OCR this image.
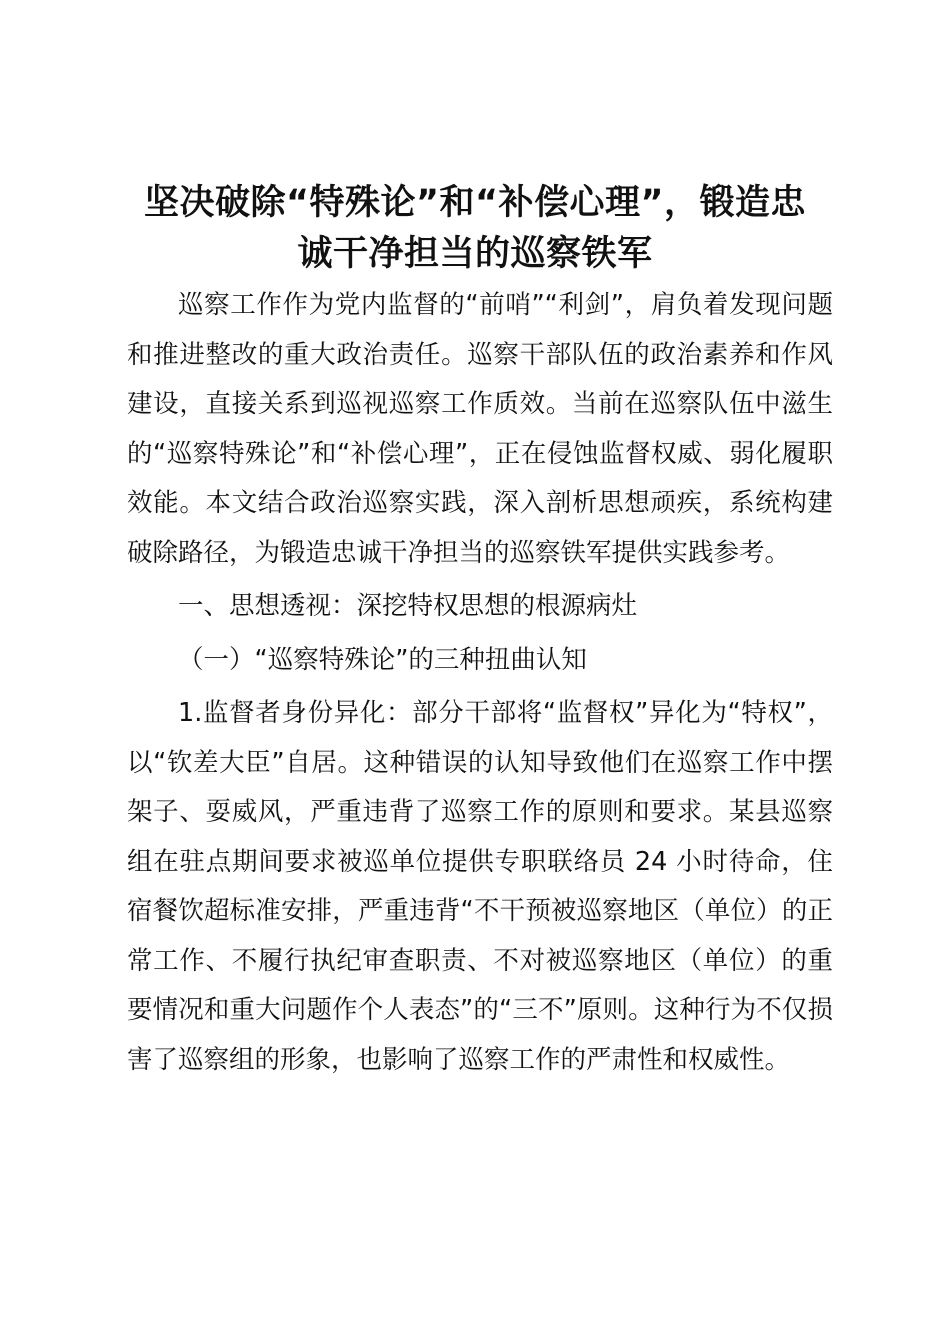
坚决破除“特殊论”和“补偿心理”，锻造忠
诚干净担当的巡察铁军

巡察工作作为党内监督的“前哨”“利剑”，肩负着发现问题和推进整改的重大政治责任。巡察干部队伍的政治素养和作风建设，直接关系到巡视巡察工作质效。当前在巡察队伍中滋生的“巡察特殊论”和“补偿心理”，正在侵蚀监督权威、弱化履职效能。本文结合政治巡察实践，深入剖析思想顽疾，系统构建破除路径，为锻造忠诚干净担当的巡察铁军提供实践参考。

一、思想透视：深挖特权思想的根源病灶

（一）“巡察特殊论”的三种扭曲认知

1.监督者身份异化：部分干部将“监督权”异化为“特权”，以“钦差大臣”自居。这种错误的认知导致他们在巡察工作中摆架子、耍威风，严重违背了巡察工作的原则和要求。某县巡察组在驻点期间要求被巡单位提供专职联络员 24 小时待命，住宿餐饮超标准安排，严重违背“不干预被巡察地区（单位）的正常工作、不履行执纪审查职责、不对被巡察地区（单位）的重要情况和重大问题作个人表态”的“三不”原则。这种行为不仅损害了巡察组的形象，也影响了巡察工作的严肃性和权威性。
